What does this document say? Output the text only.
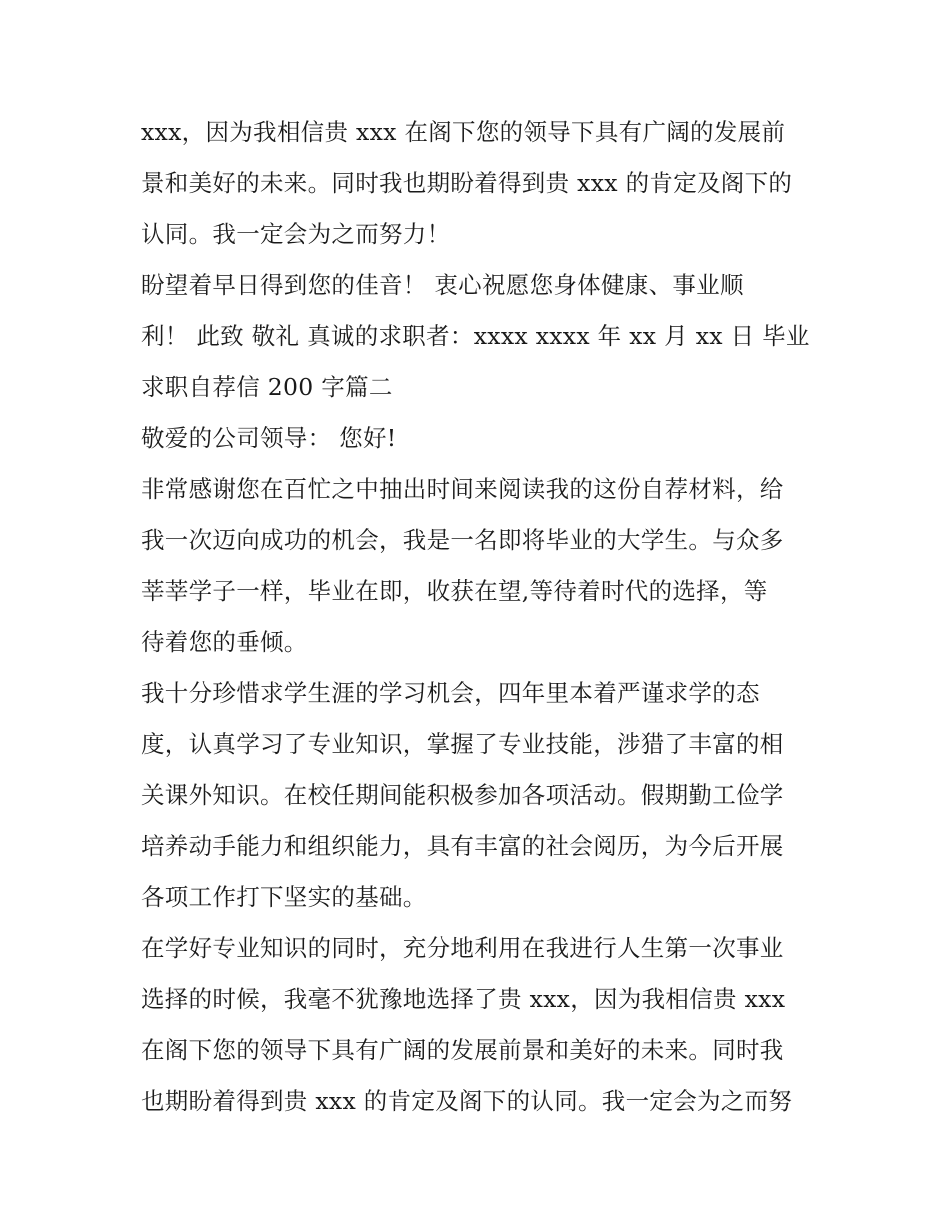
xxx，因为我相信贵 xxx 在阁下您的领导下具有广阔的发展前
景和美好的未来。同时我也期盼着得到贵 xxx 的肯定及阁下的
认同。我一定会为之而努力！
盼望着早日得到您的佳音！ 衷心祝愿您身体健康、事业顺
利！ 此致 敬礼 真诚的求职者：xxxx xxxx 年 xx 月 xx 日 毕业
求职自荐信 200 字篇二
敬爱的公司领导： 您好!
非常感谢您在百忙之中抽出时间来阅读我的这份自荐材料，给
我一次迈向成功的机会，我是一名即将毕业的大学生。与众多
莘莘学子一样，毕业在即，收获在望,等待着时代的选择，等
待着您的垂倾。
我十分珍惜求学生涯的学习机会，四年里本着严谨求学的态
度，认真学习了专业知识，掌握了专业技能，涉猎了丰富的相
关课外知识。在校任期间能积极参加各项活动。假期勤工俭学
培养动手能力和组织能力，具有丰富的社会阅历，为今后开展
各项工作打下坚实的基础。
在学好专业知识的同时，充分地利用在我进行人生第一次事业
选择的时候，我毫不犹豫地选择了贵 xxx，因为我相信贵 xxx
在阁下您的领导下具有广阔的发展前景和美好的未来。同时我
也期盼着得到贵 xxx 的肯定及阁下的认同。我一定会为之而努
